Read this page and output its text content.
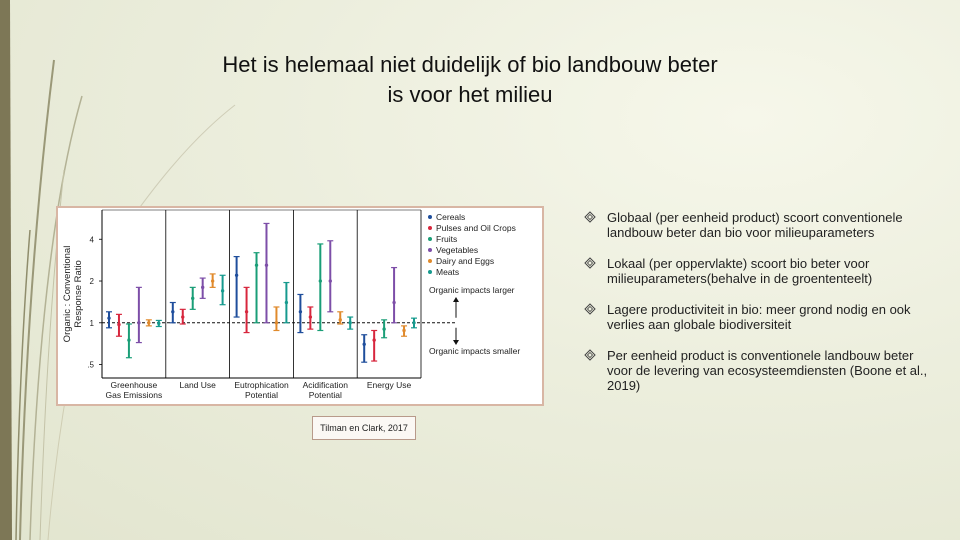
Het is helemaal niet duidelijk of bio landbouw beter
is voor het milieu
.5
1
2
4
Organic : Conventional Response Ratio
Greenhouse
Gas Emissions
Land Use Eutrophication
Potential
Acidification
Potential
Energy Use
Cereals
Pulses and Oil Crops
Fruits
Vegetables
Dairy and Eggs
Meats
Organic impacts larger
Organic impacts smaller
Tilman en Clark, 2017
Globaal (per eenheid product) scoort conventionele landbouw beter dan bio voor milieuparameters
Lokaal (per oppervlakte) scoort bio beter voor milieuparameters(behalve in de groententeelt)
Lagere productiviteit in bio: meer grond nodig en ook verlies aan globale biodiversiteit
Per eenheid product is conventionele landbouw beter voor de levering van ecosysteemdiensten (Boone et al., 2019)
